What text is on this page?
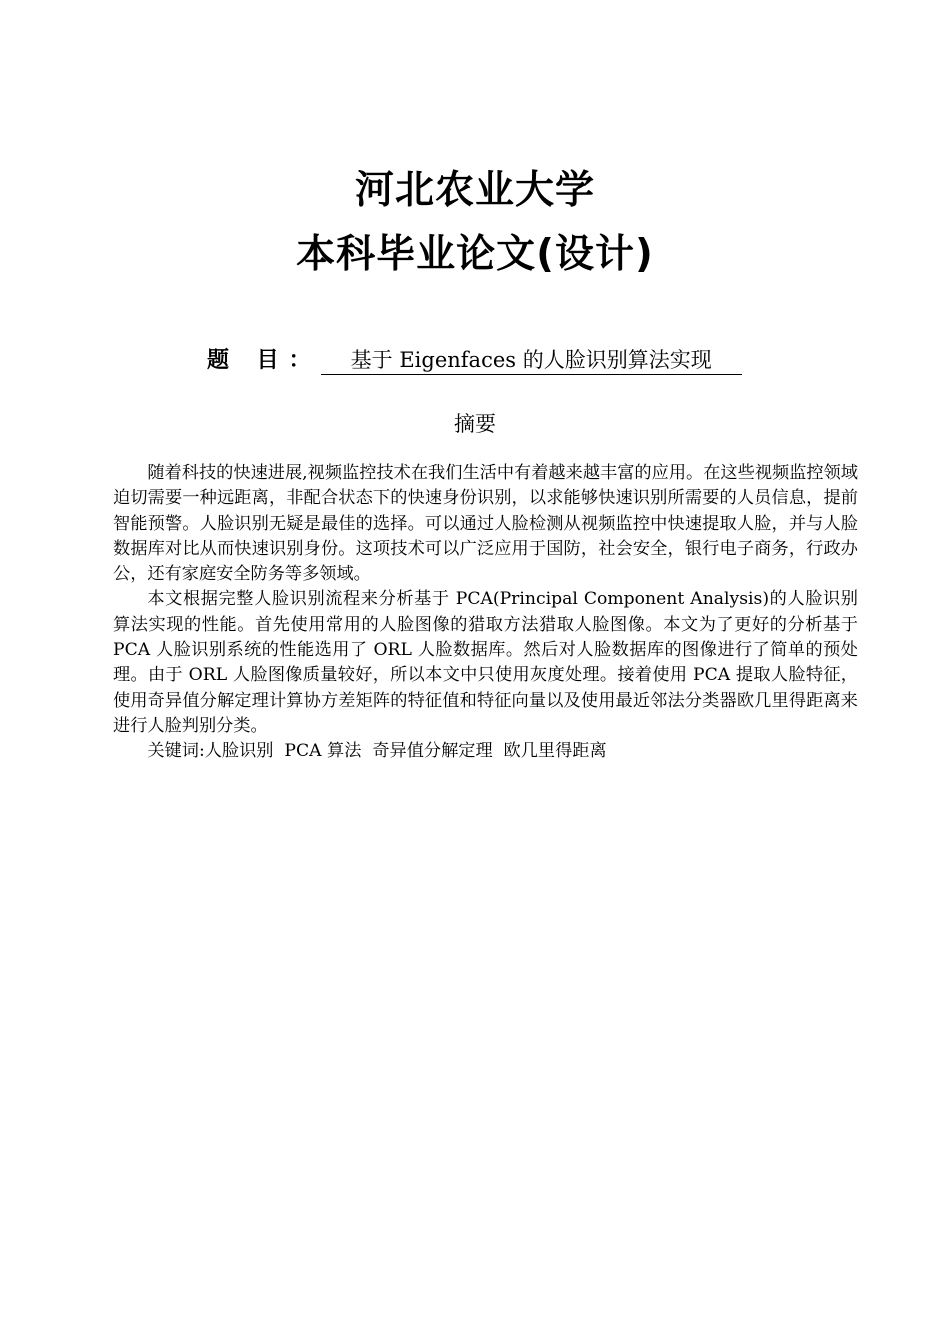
河北农业大学
本科毕业论文(设计)
题 目： 基于 Eigenfaces 的人脸识别算法实现
摘要

随着科技的快速进展,视频监控技术在我们生活中有着越来越丰富的应用。在这些视频监控领域迫切需要一种远距离，非配合状态下的快速身份识别，以求能够快速识别所需要的人员信息，提前智能预警。人脸识别无疑是最佳的选择。可以通过人脸检测从视频监控中快速提取人脸，并与人脸数据库对比从而快速识别身份。这项技术可以广泛应用于国防，社会安全，银行电子商务，行政办公，还有家庭安全防务等多领域。

本文根据完整人脸识别流程来分析基于 PCA(Principal Component Analysis)的人脸识别算法实现的性能。首先使用常用的人脸图像的猎取方法猎取人脸图像。本文为了更好的分析基于 PCA 人脸识别系统的性能选用了 ORL 人脸数据库。然后对人脸数据库的图像进行了简单的预处理。由于 ORL 人脸图像质量较好，所以本文中只使用灰度处理。接着使用 PCA 提取人脸特征，使用奇异值分解定理计算协方差矩阵的特征值和特征向量以及使用最近邻法分类器欧几里得距离来进行人脸判别分类。

关键词:人脸识别  PCA 算法  奇异值分解定理  欧几里得距离
